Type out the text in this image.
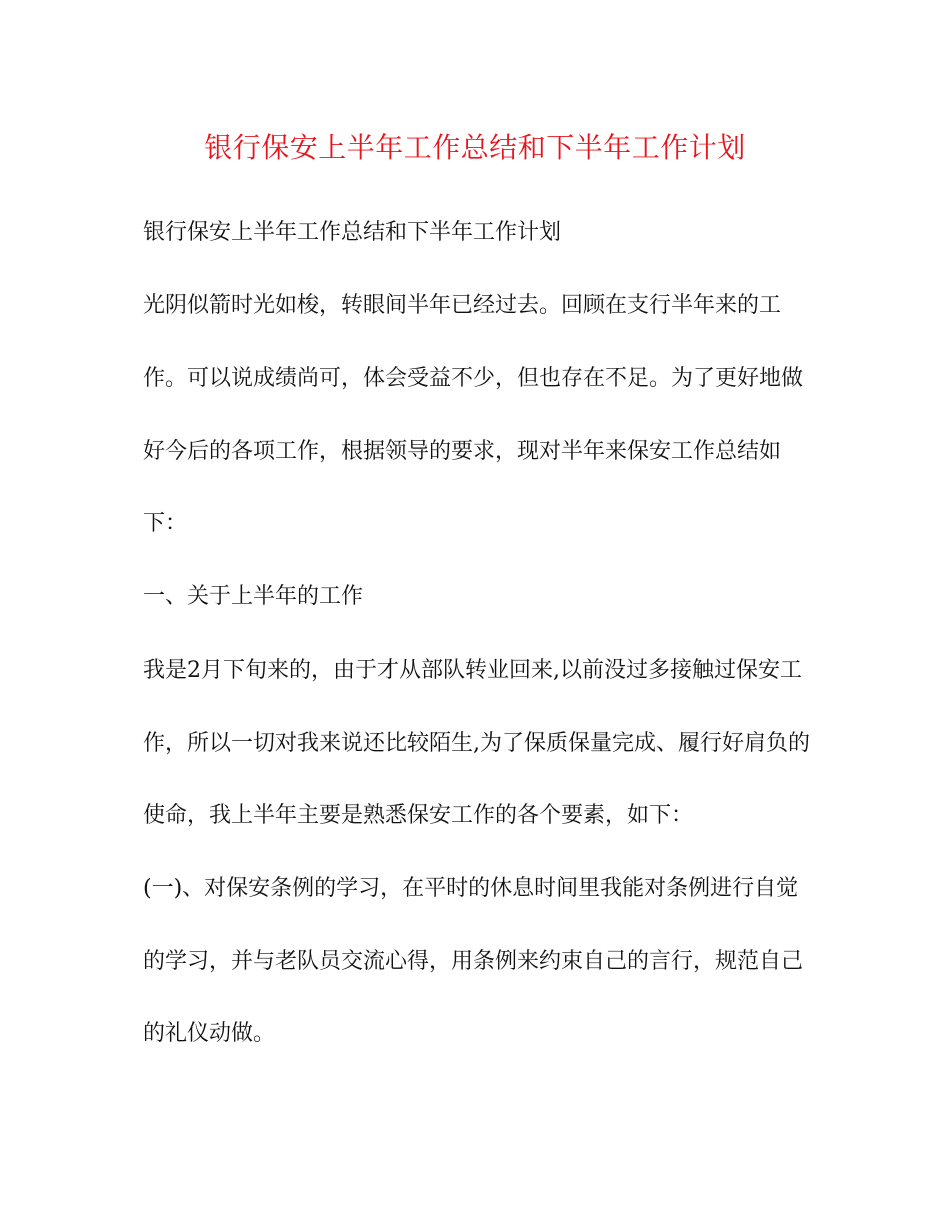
银行保安上半年工作总结和下半年工作计划
银行保安上半年工作总结和下半年工作计划
光阴似箭时光如梭，转眼间半年已经过去。回顾在支行半年来的工
作。可以说成绩尚可，体会受益不少，但也存在不足。为了更好地做
好今后的各项工作，根据领导的要求，现对半年来保安工作总结如
下：
一、关于上半年的工作
我是2月下旬来的，由于才从部队转业回来,以前没过多接触过保安工
作，所以一切对我来说还比较陌生,为了保质保量完成、履行好肩负的
使命，我上半年主要是熟悉保安工作的各个要素，如下：
(一)、对保安条例的学习，在平时的休息时间里我能对条例进行自觉
的学习，并与老队员交流心得，用条例来约束自己的言行，规范自己
的礼仪动做。
